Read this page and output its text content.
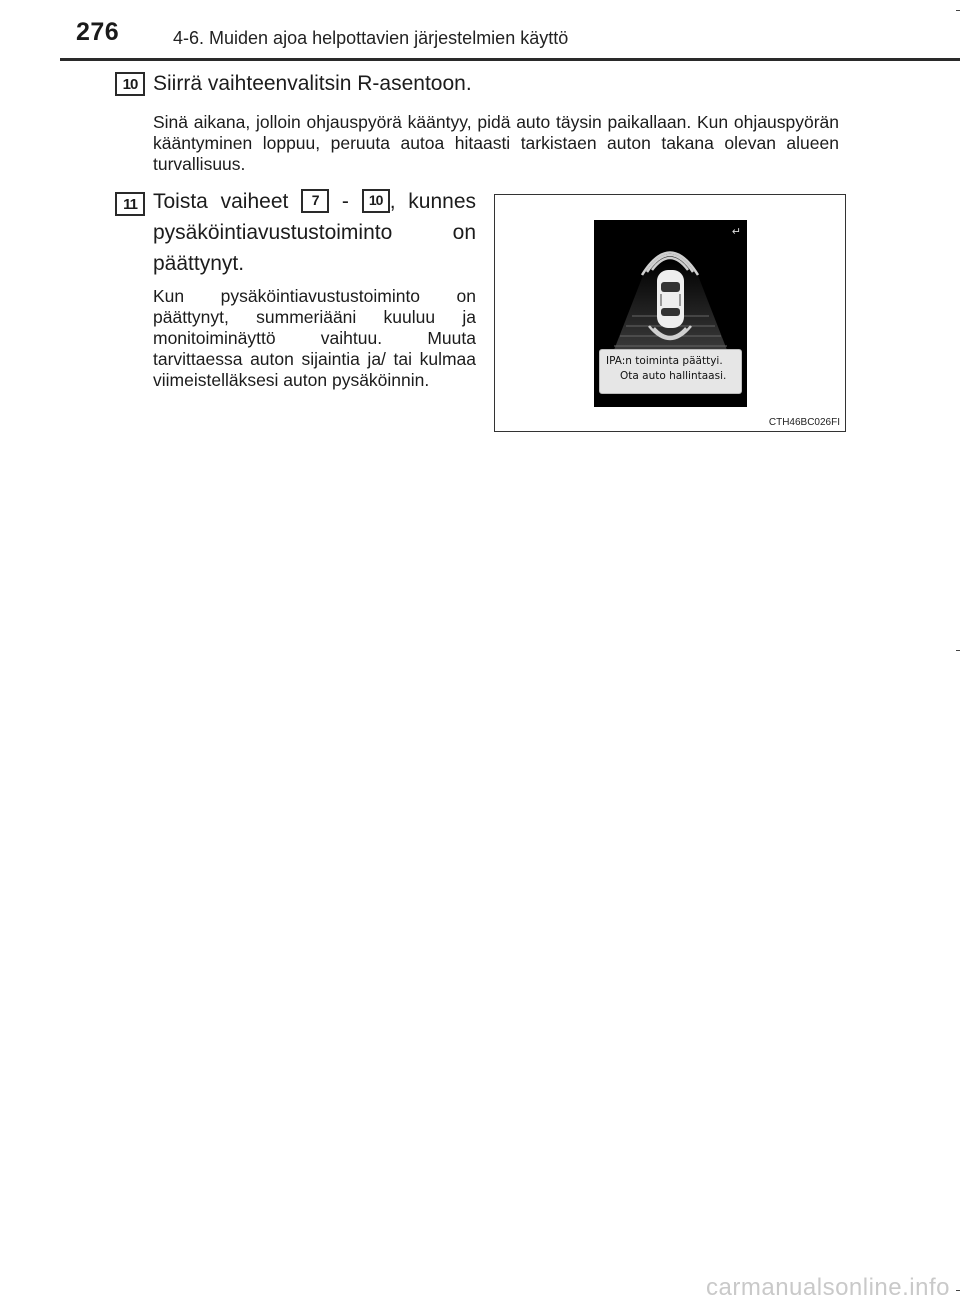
276	4-6. Muiden ajoa helpottavien järjestelmien käyttö
10 Siirrä vaihteenvalitsin R-asentoon.
Sinä aikana, jolloin ohjauspyörä kääntyy, pidä auto täysin paikallaan. Kun ohjauspyörän kääntyminen loppuu, peruuta autoa hitaasti tarkistaen auton takana olevan alueen turvallisuus.
11 Toista vaiheet 7 - 10 , kunnes pysäköintiavustustoiminto on päättynyt.
Kun pysäköintiavustustoiminto on päättynyt, summeriääni kuuluu ja monitoiminäyttö vaihtuu. Muuta tarvittaessa auton sijaintia ja/ tai kulmaa viimeistelläksesi auton pysäköinnin.
↵
IPA:n toiminta päättyi.
Ota auto hallintaasi.
CTH46BC026FI
carmanualsonline.info
